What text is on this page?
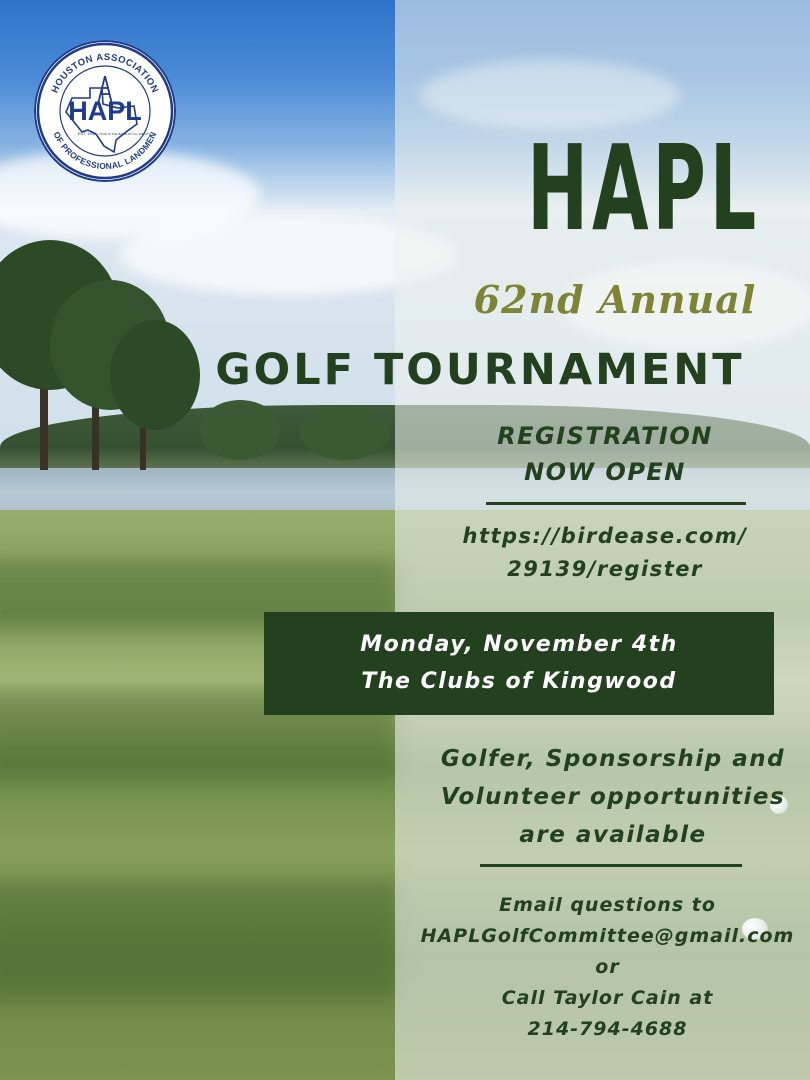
HOUSTON ASSOCIATION
OF PROFESSIONAL LANDMEN
HAPL
EST. 1946 LAND IS THE BASIS OF ALL WEALTH	HAPL
62nd Annual
GOLF TOURNAMENT
REGISTRATION
NOW OPEN
https://birdease.com/
29139/register
Monday, November 4th
The Clubs of Kingwood
Golfer, Sponsorship and
Volunteer opportunities
are available
Email questions to
HAPLGolfCommittee@gmail.com
or
Call Taylor Cain at
214-794-4688
